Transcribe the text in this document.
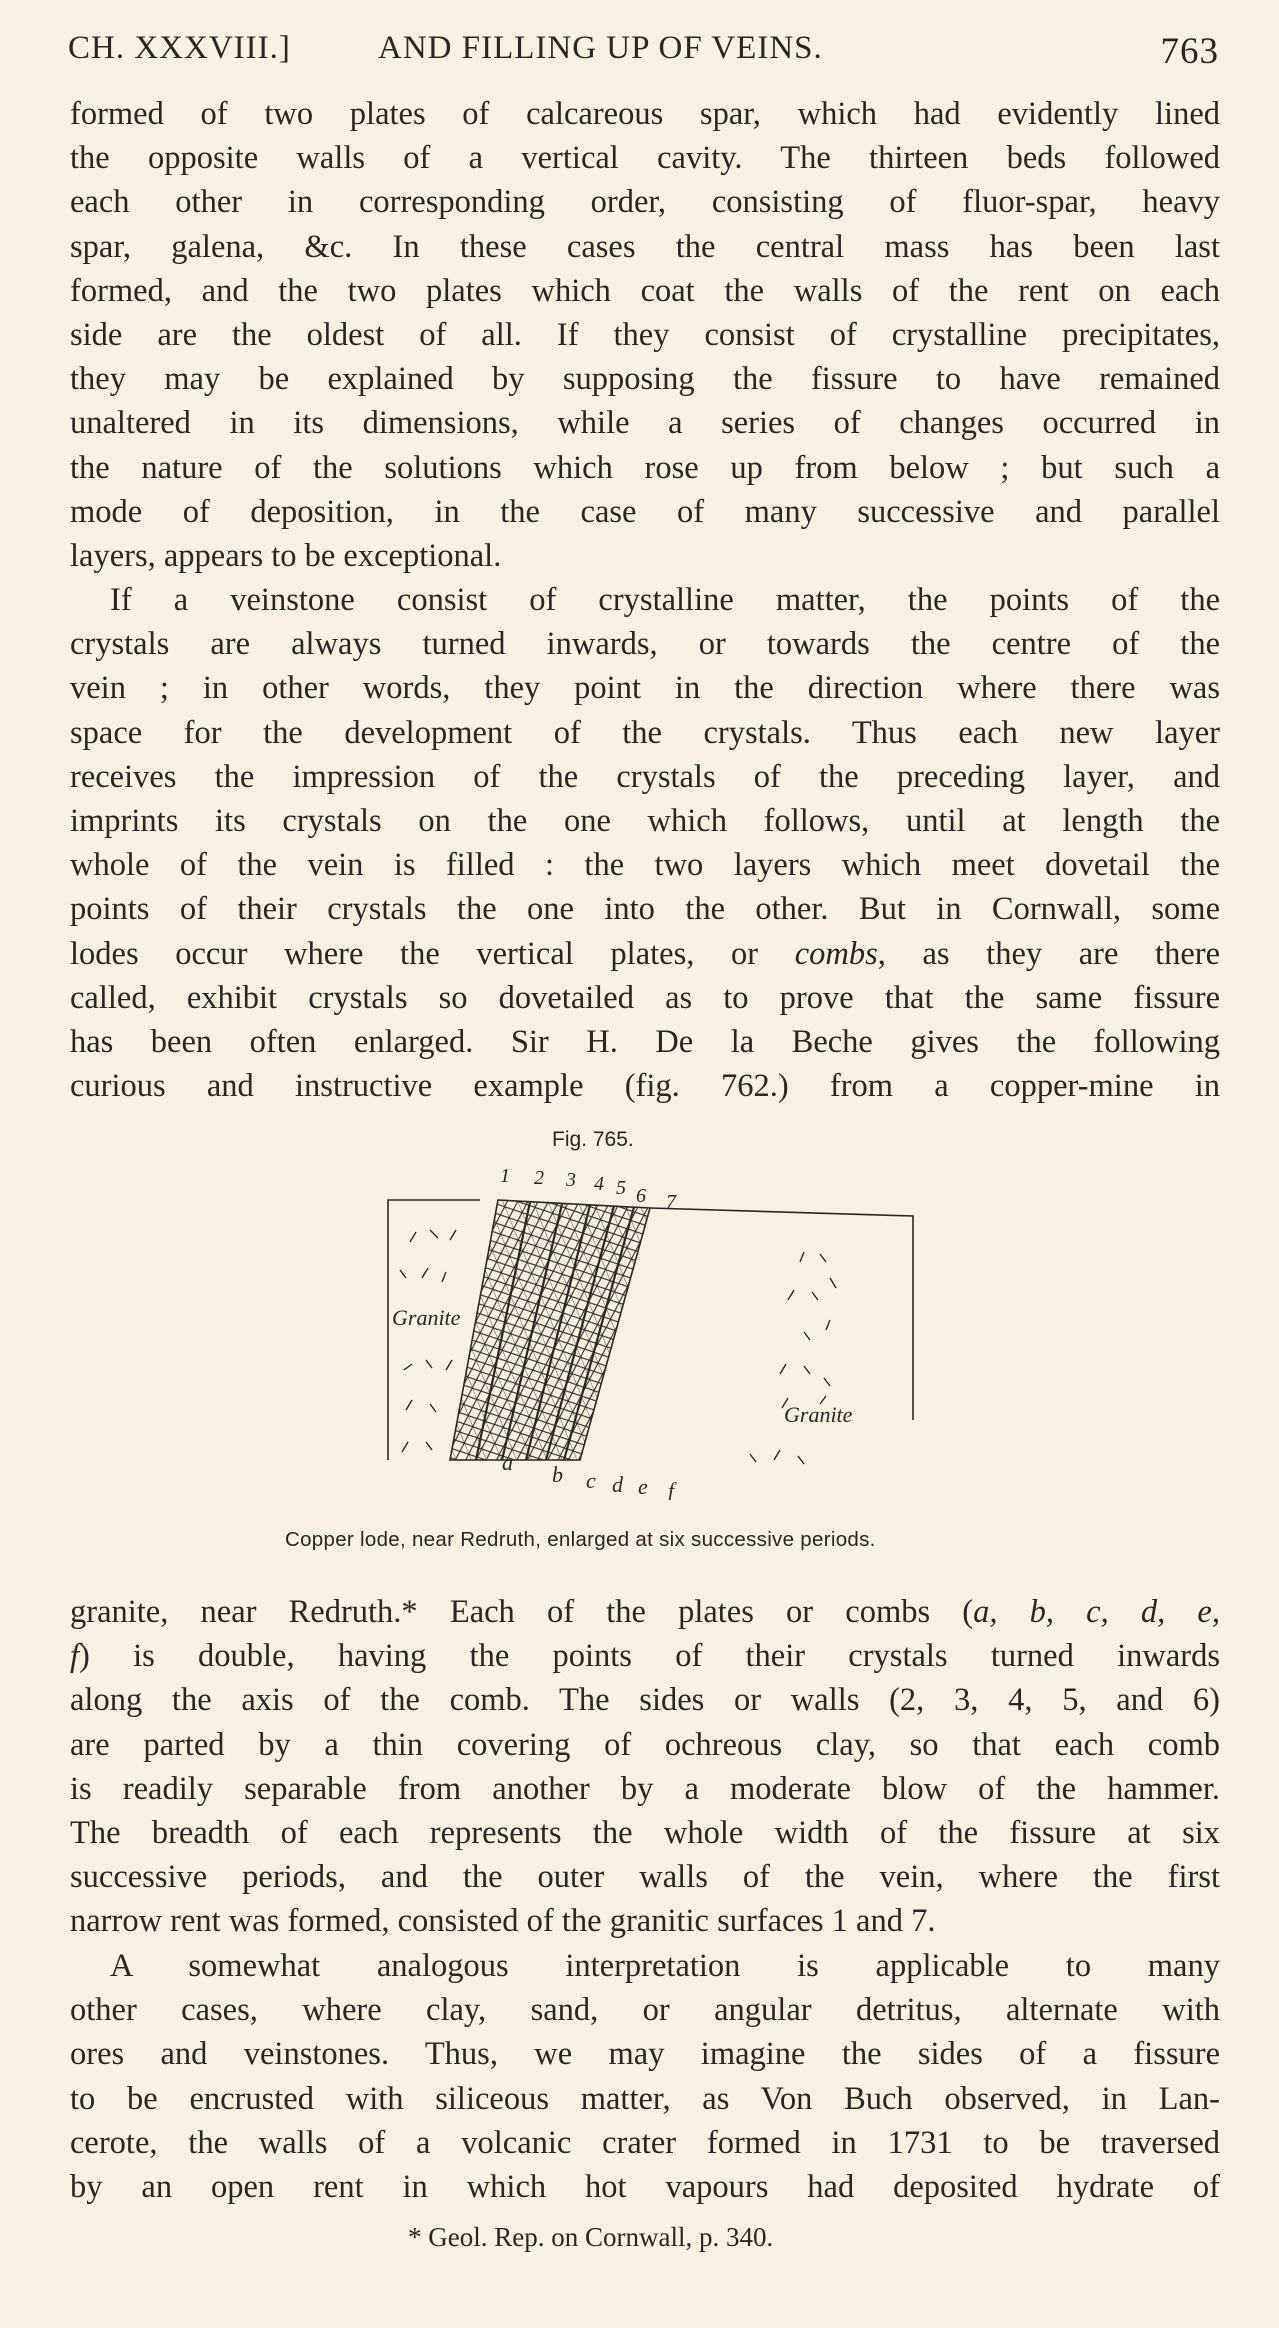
CH. XXXVIII.]	AND FILLING UP OF VEINS.	763
formed of two plates of calcareous spar, which had evidently lined
the opposite walls of a vertical cavity. The thirteen beds followed
each other in corresponding order, consisting of fluor-spar, heavy
spar, galena, &c. In these cases the central mass has been last
formed, and the two plates which coat the walls of the rent on each
side are the oldest of all. If they consist of crystalline precipitates,
they may be explained by supposing the fissure to have remained
unaltered in its dimensions, while a series of changes occurred in
the nature of the solutions which rose up from below ; but such a
mode of deposition, in the case of many successive and parallel
layers, appears to be exceptional.
If a veinstone consist of crystalline matter, the points of the
crystals are always turned inwards, or towards the centre of the
vein ; in other words, they point in the direction where there was
space for the development of the crystals. Thus each new layer
receives the impression of the crystals of the preceding layer, and
imprints its crystals on the one which follows, until at length the
whole of the vein is filled : the two layers which meet dovetail the
points of their crystals the one into the other. But in Cornwall, some
lodes occur where the vertical plates, or combs, as they are there
called, exhibit crystals so dovetailed as to prove that the same fissure
has been often enlarged. Sir H. De la Beche gives the following
curious and instructive example (fig. 762.) from a copper-mine in
Fig. 765.
Granite
Granite
1 2 3 4 5 6 7
a b c d e f
Copper lode, near Redruth, enlarged at six successive periods.
granite, near Redruth.* Each of the plates or combs (a, b, c, d, e,
f) is double, having the points of their crystals turned inwards
along the axis of the comb. The sides or walls (2, 3, 4, 5, and 6)
are parted by a thin covering of ochreous clay, so that each comb
is readily separable from another by a moderate blow of the hammer.
The breadth of each represents the whole width of the fissure at six
successive periods, and the outer walls of the vein, where the first
narrow rent was formed, consisted of the granitic surfaces 1 and 7.
A somewhat analogous interpretation is applicable to many
other cases, where clay, sand, or angular detritus, alternate with
ores and veinstones. Thus, we may imagine the sides of a fissure
to be encrusted with siliceous matter, as Von Buch observed, in Lan-
cerote, the walls of a volcanic crater formed in 1731 to be traversed
by an open rent in which hot vapours had deposited hydrate of
* Geol. Rep. on Cornwall, p. 340.
